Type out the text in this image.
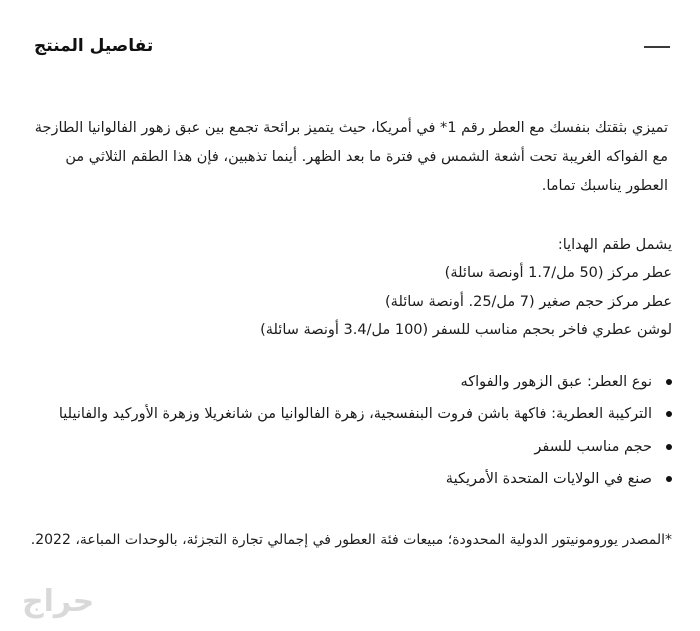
تفاصيل المنتج
تميزي بثقتك بنفسك مع العطر رقم 1* في أمريكا، حيث يتميز برائحة تجمع بين عبق زهور الفالوانيا الطازجة مع الفواكه الغريبة تحت أشعة الشمس في فترة ما بعد الظهر. أينما تذهبين، فإن هذا الطقم الثلاثي من العطور يناسبك تماما.
يشمل طقم الهدايا:
عطر مركز (50 مل/1.7 أونصة سائلة)
عطر مركز حجم صغير (7 مل/25. أونصة سائلة)
لوشن عطري فاخر بحجم مناسب للسفر (100 مل/3.4 أونصة سائلة)
نوع العطر: عبق الزهور والفواكه
التركيبة العطرية: فاكهة باشن فروت البنفسجية، زهرة الفالوانيا من شانغريلا وزهرة الأوركيد والفانيليا
حجم مناسب للسفر
صنع في الولايات المتحدة الأمريكية
*المصدر يورومونيتور الدولية المحدودة؛ مبيعات فئة العطور في إجمالي تجارة التجزئة، بالوحدات المباعة، 2022.
حراج
